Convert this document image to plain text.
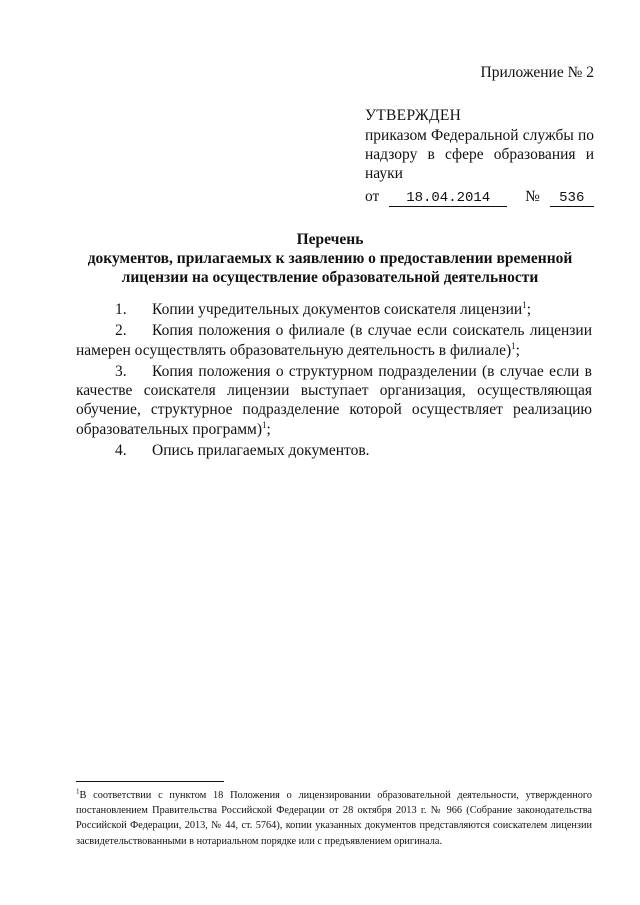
Приложение № 2
УТВЕРЖДЕН
приказом Федеральной службы по надзору в сфере образования и науки
от 18.04.2014 № 536
Перечень
документов, прилагаемых к заявлению о предоставлении временной лицензии на осуществление образовательной деятельности

1. Копии учредительных документов соискателя лицензии$^1$;

2. Копия положения о филиале (в случае если соискатель лицензии намерен осуществлять образовательную деятельность в филиале)$^1$;

3. Копия положения о структурном подразделении (в случае если в качестве соискателя лицензии выступает организация, осуществляющая обучение, структурное подразделение которой осуществляет реализацию образовательных программ)$^1$;

4. Опись прилагаемых документов.

$^1$В соответствии с пунктом 18 Положения о лицензировании образовательной деятельности, утвержденного постановлением Правительства Российской Федерации от 28 октября 2013 г. № 966 (Собрание законодательства Российской Федерации, 2013, № 44, ст. 5764), копии указанных документов представляются соискателем лицензии засвидетельствованными в нотариальном порядке или с предъявлением оригинала.
